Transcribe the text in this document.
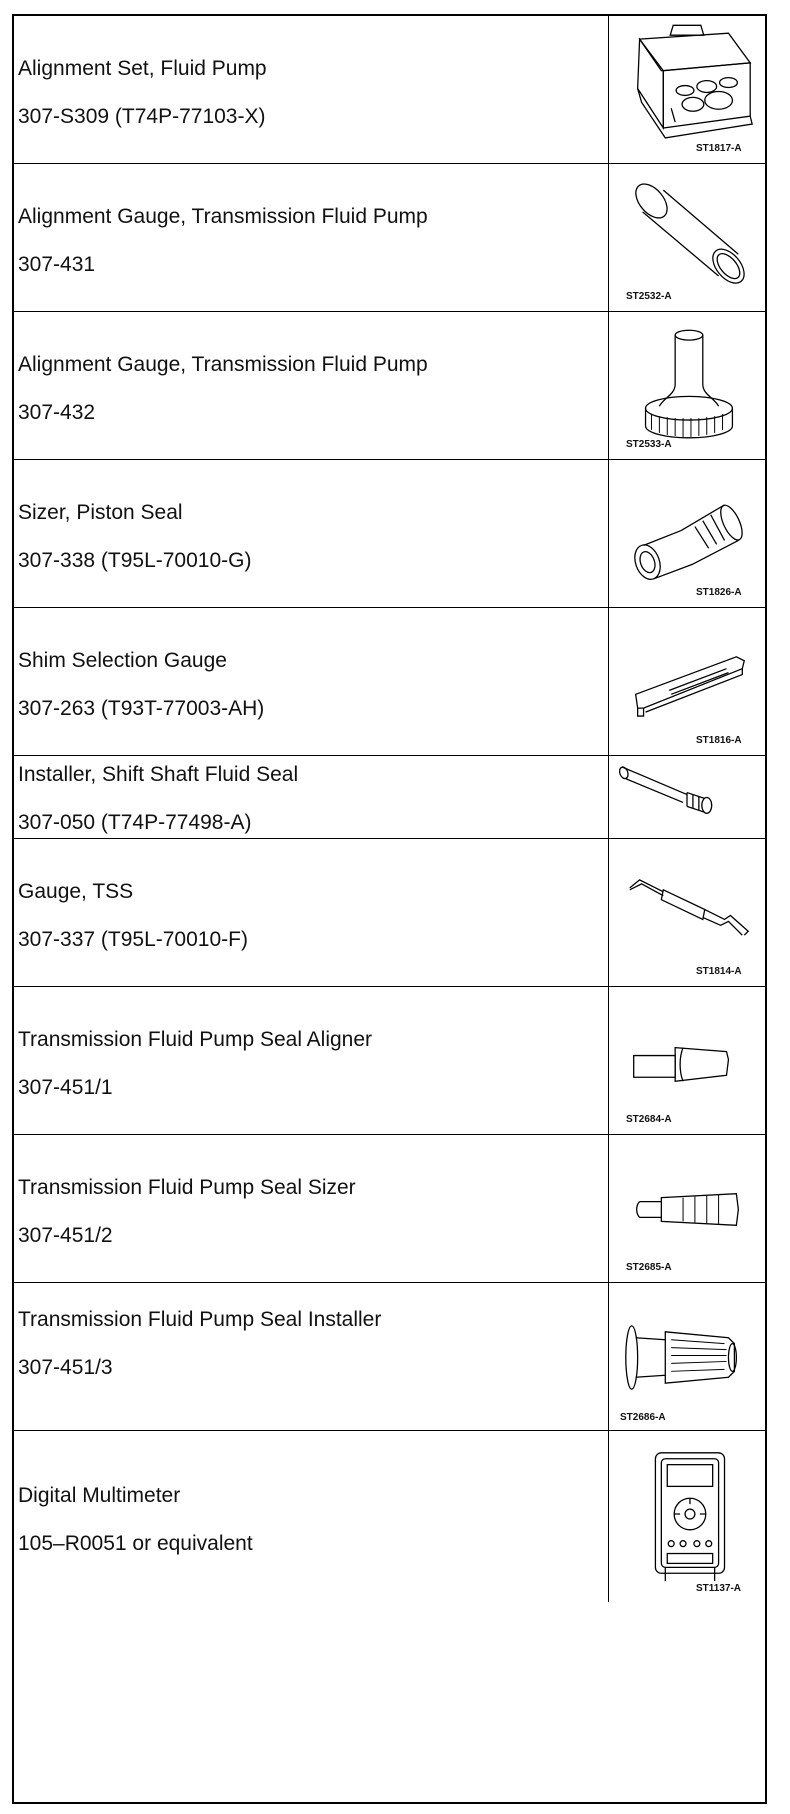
Alignment Set, Fluid Pump
307-S309 (T74P-77103-X)
ST1817-A
Alignment Gauge, Transmission Fluid Pump
307-431
ST2532-A
Alignment Gauge, Transmission Fluid Pump
307-432
ST2533-A
Sizer, Piston Seal
307-338 (T95L-70010-G)
ST1826-A
Shim Selection Gauge
307-263 (T93T-77003-AH)
ST1816-A
Installer, Shift Shaft Fluid Seal
307-050 (T74P-77498-A)
Gauge, TSS
307-337 (T95L-70010-F)
ST1814-A
Transmission Fluid Pump Seal Aligner
307-451/1
ST2684-A
Transmission Fluid Pump Seal Sizer
307-451/2
ST2685-A
Transmission Fluid Pump Seal Installer
307-451/3
ST2686-A
Digital Multimeter
105–R0051 or equivalent
ST1137-A
